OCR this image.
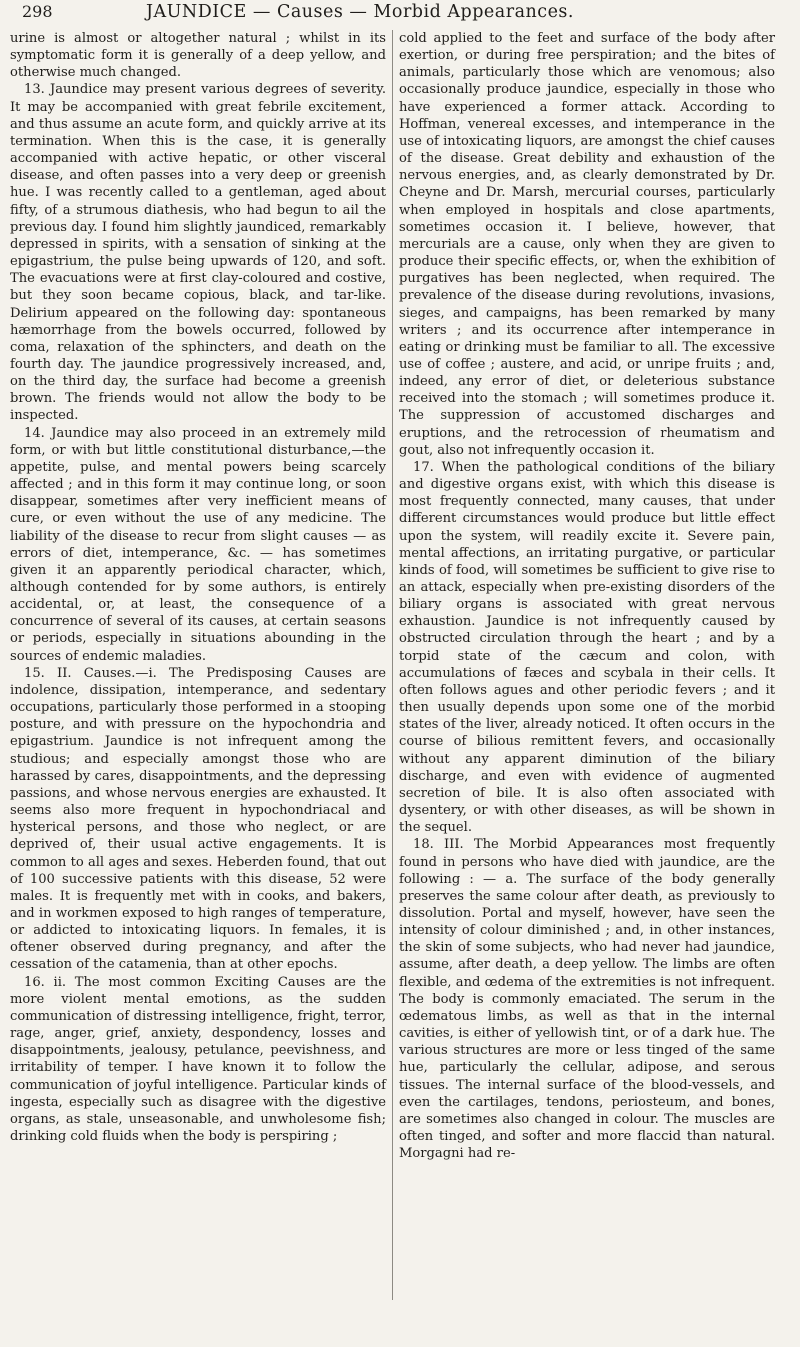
298	JAUNDICE — Causes — Morbid Appearances.

urine is almost or altogether natural ; whilst in its symptomatic form it is generally of a deep yellow, and otherwise much changed.

13. Jaundice may present various degrees of severity. It may be accompanied with great febrile excitement, and thus assume an acute form, and quickly arrive at its termination. When this is the case, it is generally accompanied with active hepatic, or other visceral disease, and often passes into a very deep or greenish hue. I was recently called to a gentleman, aged about fifty, of a strumous diathesis, who had begun to ail the previous day. I found him slightly jaundiced, remarkably depressed in spirits, with a sensation of sinking at the epigastrium, the pulse being upwards of 120, and soft. The evacuations were at first clay-coloured and costive, but they soon became copious, black, and tar-like. Delirium appeared on the following day: spontaneous hæmorrhage from the bowels occurred, followed by coma, relaxation of the sphincters, and death on the fourth day. The jaundice progressively increased, and, on the third day, the surface had become a greenish brown. The friends would not allow the body to be inspected.

14. Jaundice may also proceed in an extremely mild form, or with but little constitutional disturbance,—the appetite, pulse, and mental powers being scarcely affected ; and in this form it may continue long, or soon disappear, sometimes after very inefficient means of cure, or even without the use of any medicine. The liability of the disease to recur from slight causes — as errors of diet, intemperance, &c. — has sometimes given it an apparently periodical character, which, although contended for by some authors, is entirely accidental, or, at least, the consequence of a concurrence of several of its causes, at certain seasons or periods, especially in situations abounding in the sources of endemic maladies.

15. II. Causes.—i. The Predisposing Causes are indolence, dissipation, intemperance, and sedentary occupations, particularly those performed in a stooping posture, and with pressure on the hypochondria and epigastrium. Jaundice is not infrequent among the studious; and especially amongst those who are harassed by cares, disappointments, and the depressing passions, and whose nervous energies are exhausted. It seems also more frequent in hypochondriacal and hysterical persons, and those who neglect, or are deprived of, their usual active engagements. It is common to all ages and sexes. Heberden found, that out of 100 successive patients with this disease, 52 were males. It is frequently met with in cooks, and bakers, and in workmen exposed to high ranges of temperature, or addicted to intoxicating liquors. In females, it is oftener observed during pregnancy, and after the cessation of the catamenia, than at other epochs.

16. ii. The most common Exciting Causes are the more violent mental emotions, as the sudden communication of distressing intelligence, fright, terror, rage, anger, grief, anxiety, despondency, losses and disappointments, jealousy, petulance, peevishness, and irritability of temper. I have known it to follow the communication of joyful intelligence. Particular kinds of ingesta, especially such as disagree with the digestive organs, as stale, unseasonable, and unwholesome fish; drinking cold fluids when the body is perspiring ;

cold applied to the feet and surface of the body after exertion, or during free perspiration; and the bites of animals, particularly those which are venomous; also occasionally produce jaundice, especially in those who have experienced a former attack. According to Hoffman, venereal excesses, and intemperance in the use of intoxicating liquors, are amongst the chief causes of the disease. Great debility and exhaustion of the nervous energies, and, as clearly demonstrated by Dr. Cheyne and Dr. Marsh, mercurial courses, particularly when employed in hospitals and close apartments, sometimes occasion it. I believe, however, that mercurials are a cause, only when they are given to produce their specific effects, or, when the exhibition of purgatives has been neglected, when required. The prevalence of the disease during revolutions, invasions, sieges, and campaigns, has been remarked by many writers ; and its occurrence after intemperance in eating or drinking must be familiar to all. The excessive use of coffee ; austere, and acid, or unripe fruits ; and, indeed, any error of diet, or deleterious substance received into the stomach ; will sometimes produce it. The suppression of accustomed discharges and eruptions, and the retrocession of rheumatism and gout, also not infrequently occasion it.

17. When the pathological conditions of the biliary and digestive organs exist, with which this disease is most frequently connected, many causes, that under different circumstances would produce but little effect upon the system, will readily excite it. Severe pain, mental affections, an irritating purgative, or particular kinds of food, will sometimes be sufficient to give rise to an attack, especially when pre-existing disorders of the biliary organs is associated with great nervous exhaustion. Jaundice is not infrequently caused by obstructed circulation through the heart ; and by a torpid state of the cæcum and colon, with accumulations of fæces and scybala in their cells. It often follows agues and other periodic fevers ; and it then usually depends upon some one of the morbid states of the liver, already noticed. It often occurs in the course of bilious remittent fevers, and occasionally without any apparent diminution of the biliary discharge, and even with evidence of augmented secretion of bile. It is also often associated with dysentery, or with other diseases, as will be shown in the sequel.

18. III. The Morbid Appearances most frequently found in persons who have died with jaundice, are the following : — a. The surface of the body generally preserves the same colour after death, as previously to dissolution. Portal and myself, however, have seen the intensity of colour diminished ; and, in other instances, the skin of some subjects, who had never had jaundice, assume, after death, a deep yellow. The limbs are often flexible, and œdema of the extremities is not infrequent. The body is commonly emaciated. The serum in the œdematous limbs, as well as that in the internal cavities, is either of yellowish tint, or of a dark hue. The various structures are more or less tinged of the same hue, particularly the cellular, adipose, and serous tissues. The internal surface of the blood-vessels, and even the cartilages, tendons, periosteum, and bones, are sometimes also changed in colour. The muscles are often tinged, and softer and more flaccid than natural. Morgagni had re-
